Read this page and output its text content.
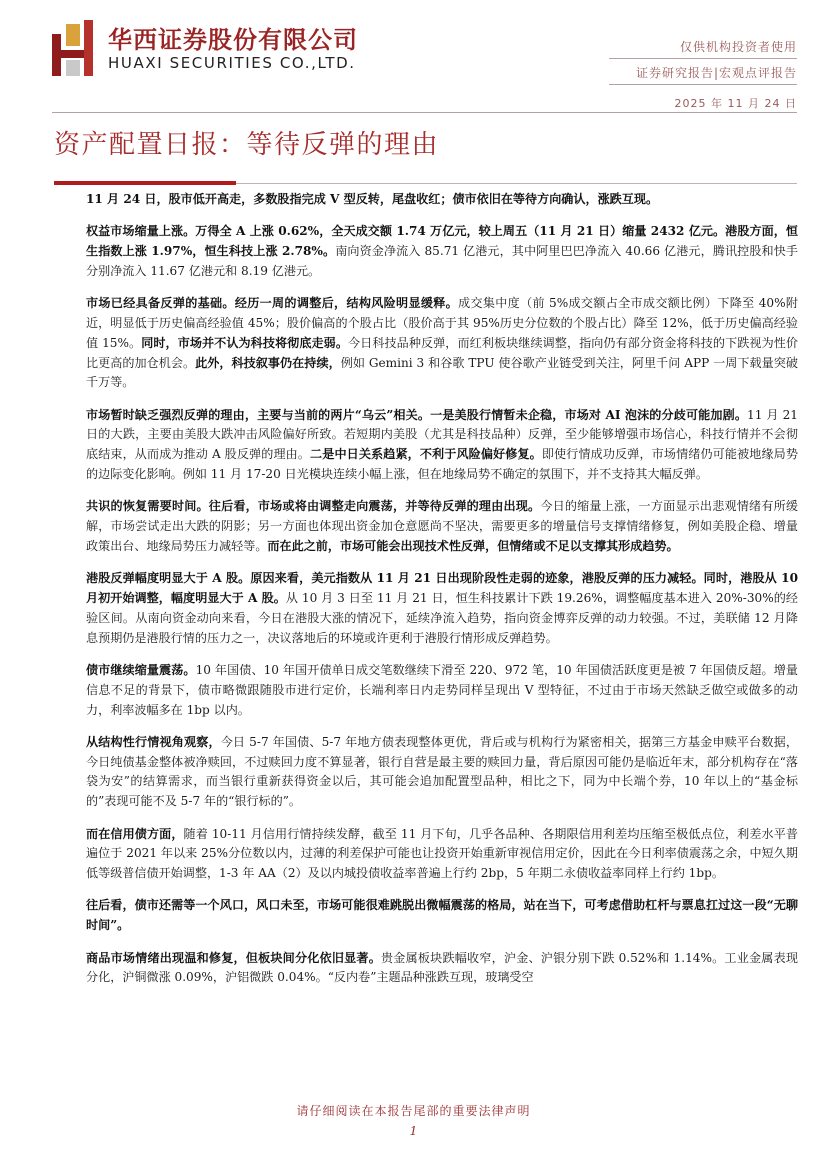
华西证券股份有限公司
HUAXI SECURITIES CO.,LTD.
仅供机构投资者使用
证券研究报告|宏观点评报告
2025 年 11 月 24 日
资产配置日报：等待反弹的理由

11 月 24 日，股市低开高走，多数股指完成 V 型反转，尾盘收红；债市依旧在等待方向确认，涨跌互现。

权益市场缩量上涨。万得全 A 上涨 0.62%，全天成交额 1.74 万亿元，较上周五（11 月 21 日）缩量 2432 亿元。港股方面，恒生指数上涨 1.97%，恒生科技上涨 2.78%。南向资金净流入 85.71 亿港元，其中阿里巴巴净流入 40.66 亿港元，腾讯控股和快手分别净流入 11.67 亿港元和 8.19 亿港元。

市场已经具备反弹的基础。经历一周的调整后，结构风险明显缓释。成交集中度（前 5%成交额占全市成交额比例）下降至 40%附近，明显低于历史偏高经验值 45%；股价偏高的个股占比（股价高于其 95%历史分位数的个股占比）降至 12%，低于历史偏高经验值 15%。同时，市场并不认为科技将彻底走弱。今日科技品种反弹，而红利板块继续调整，指向仍有部分资金将科技的下跌视为性价比更高的加仓机会。此外，科技叙事仍在持续，例如 Gemini 3 和谷歌 TPU 使谷歌产业链受到关注，阿里千问 APP 一周下载量突破千万等。

市场暂时缺乏强烈反弹的理由，主要与当前的两片“乌云”相关。一是美股行情暂未企稳，市场对 AI 泡沫的分歧可能加剧。11 月 21 日的大跌，主要由美股大跌冲击风险偏好所致。若短期内美股（尤其是科技品种）反弹，至少能够增强市场信心，科技行情并不会彻底结束，从而成为推动 A 股反弹的理由。二是中日关系趋紧，不利于风险偏好修复。即使行情成功反弹，市场情绪仍可能被地缘局势的边际变化影响。例如 11 月 17-20 日光模块连续小幅上涨，但在地缘局势不确定的氛围下，并不支持其大幅反弹。

共识的恢复需要时间。往后看，市场或将由调整走向震荡，并等待反弹的理由出现。今日的缩量上涨，一方面显示出悲观情绪有所缓解，市场尝试走出大跌的阴影；另一方面也体现出资金加仓意愿尚不坚决，需要更多的增量信号支撑情绪修复，例如美股企稳、增量政策出台、地缘局势压力减轻等。而在此之前，市场可能会出现技术性反弹，但情绪或不足以支撑其形成趋势。

港股反弹幅度明显大于 A 股。原因来看，美元指数从 11 月 21 日出现阶段性走弱的迹象，港股反弹的压力减轻。同时，港股从 10 月初开始调整，幅度明显大于 A 股。从 10 月 3 日至 11 月 21 日，恒生科技累计下跌 19.26%，调整幅度基本进入 20%-30%的经验区间。从南向资金动向来看，今日在港股大涨的情况下，延续净流入趋势，指向资金博弈反弹的动力较强。不过，美联储 12 月降息预期仍是港股行情的压力之一，决议落地后的环境或许更利于港股行情形成反弹趋势。

债市继续缩量震荡。10 年国债、10 年国开债单日成交笔数继续下滑至 220、972 笔，10 年国债活跃度更是被 7 年国债反超。增量信息不足的背景下，债市略微跟随股市进行定价，长端利率日内走势同样呈现出 V 型特征，不过由于市场天然缺乏做空或做多的动力，利率波幅多在 1bp 以内。

从结构性行情视角观察，今日 5-7 年国债、5-7 年地方债表现整体更优，背后或与机构行为紧密相关，据第三方基金申赎平台数据，今日纯债基金整体被净赎回，不过赎回力度不算显著，银行自营是最主要的赎回力量，背后原因可能仍是临近年末，部分机构存在“落袋为安”的结算需求，而当银行重新获得资金以后，其可能会追加配置型品种，相比之下，同为中长端个券，10 年以上的“基金标的”表现可能不及 5-7 年的“银行标的”。

而在信用债方面，随着 10-11 月信用行情持续发酵，截至 11 月下旬，几乎各品种、各期限信用利差均压缩至极低点位，利差水平普遍位于 2021 年以来 25%分位数以内，过薄的利差保护可能也让投资开始重新审视信用定价，因此在今日利率债震荡之余，中短久期低等级普信债开始调整，1-3 年 AA（2）及以内城投债收益率普遍上行约 2bp，5 年期二永债收益率同样上行约 1bp。

往后看，债市还需等一个风口，风口未至，市场可能很难跳脱出微幅震荡的格局，站在当下，可考虑借助杠杆与票息扛过这一段“无聊时间”。

商品市场情绪出现温和修复，但板块间分化依旧显著。贵金属板块跌幅收窄，沪金、沪银分别下跌 0.52%和 1.14%。工业金属表现分化，沪铜微涨 0.09%，沪铝微跌 0.04%。“反内卷”主题品种涨跌互现，玻璃受空

请仔细阅读在本报告尾部的重要法律声明
1
